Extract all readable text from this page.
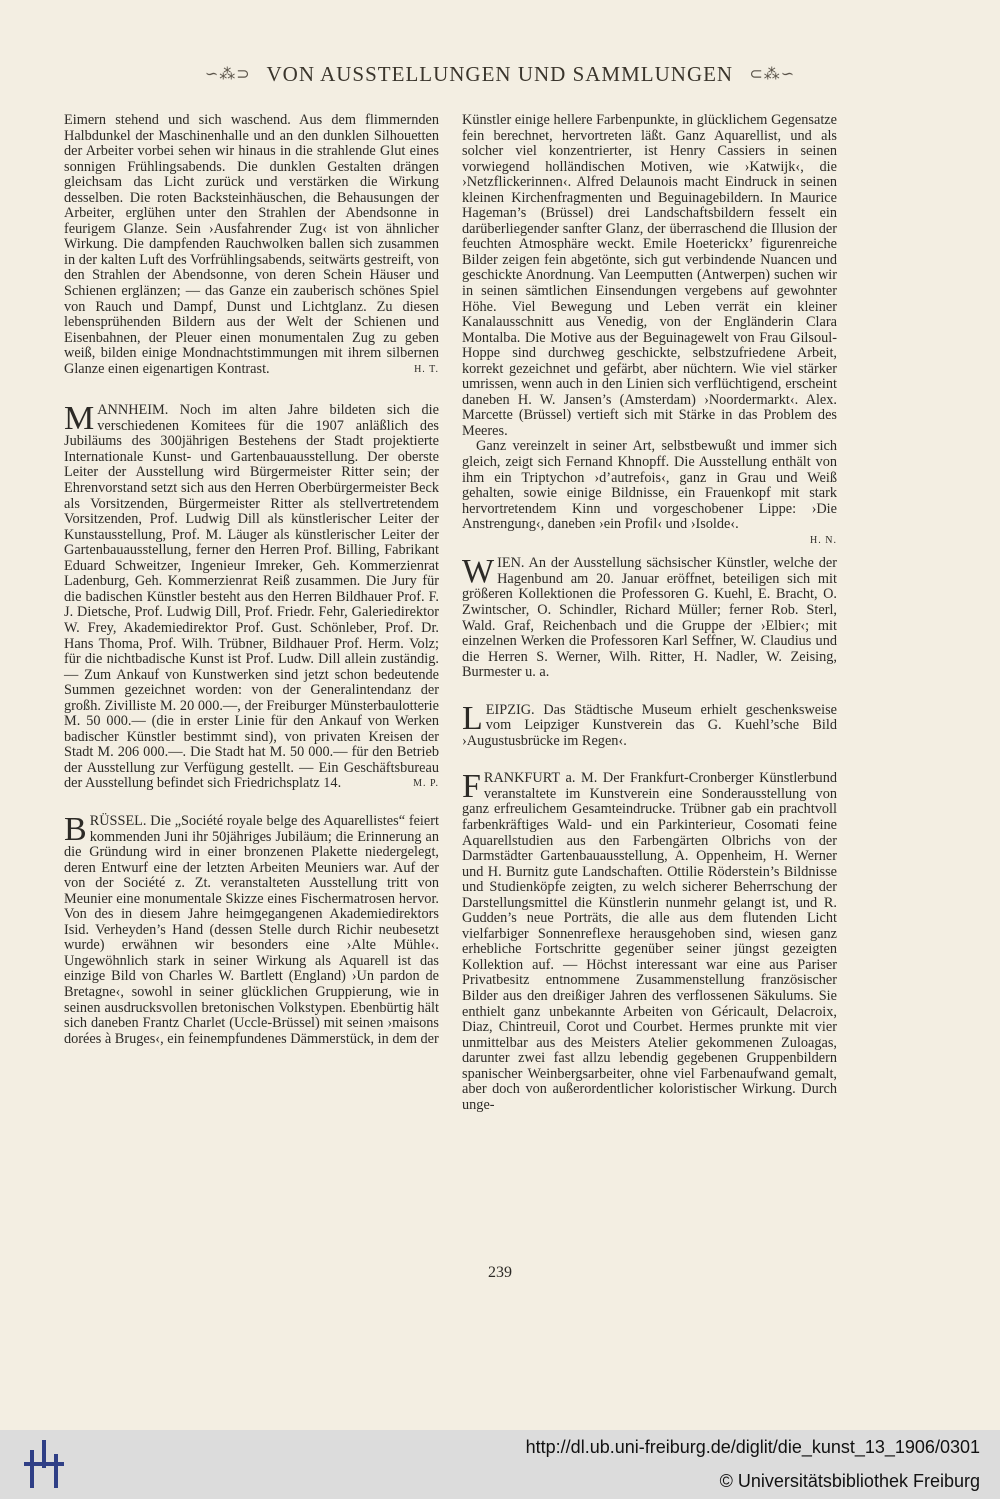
∽⁂⊃ VON AUSSTELLUNGEN UND SAMMLUNGEN ⊂⁂∽

Eimern stehend und sich waschend. Aus dem flimmernden Halbdunkel der Maschinenhalle und an den dunklen Silhouetten der Arbeiter vorbei sehen wir hinaus in die strahlende Glut eines sonnigen Frühlingsabends. Die dunklen Gestalten drängen gleichsam das Licht zurück und verstärken die Wirkung desselben. Die roten Backsteinhäuschen, die Behausungen der Arbeiter, erglühen unter den Strahlen der Abendsonne in feurigem Glanze. Sein ›Ausfahrender Zug‹ ist von ähnlicher Wirkung. Die dampfenden Rauchwolken ballen sich zusammen in der kalten Luft des Vorfrühlingsabends, seitwärts gestreift, von den Strahlen der Abendsonne, von deren Schein Häuser und Schienen erglänzen; — das Ganze ein zauberisch schönes Spiel von Rauch und Dampf, Dunst und Lichtglanz. Zu diesen lebensprühenden Bildern aus der Welt der Schienen und Eisenbahnen, der Pleuer einen monumentalen Zug zu geben weiß, bilden einige Mondnachtstimmungen mit ihrem silbernen Glanze einen eigenartigen Kontrast.	H. T.

MANNHEIM. Noch im alten Jahre bildeten sich die verschiedenen Komitees für die 1907 anläßlich des Jubiläums des 300jährigen Bestehens der Stadt projektierte Internationale Kunst- und Gartenbauausstellung. Der oberste Leiter der Ausstellung wird Bürgermeister Ritter sein; der Ehrenvorstand setzt sich aus den Herren Oberbürgermeister Beck als Vorsitzenden, Bürgermeister Ritter als stellvertretendem Vorsitzenden, Prof. Ludwig Dill als künstlerischer Leiter der Kunstausstellung, Prof. M. Läuger als künstlerischer Leiter der Gartenbauausstellung, ferner den Herren Prof. Billing, Fabrikant Eduard Schweitzer, Ingenieur Imreker, Geh. Kommerzienrat Ladenburg, Geh. Kommerzienrat Reiß zusammen. Die Jury für die badischen Künstler besteht aus den Herren Bildhauer Prof. F. J. Dietsche, Prof. Ludwig Dill, Prof. Friedr. Fehr, Galeriedirektor W. Frey, Akademiedirektor Prof. Gust. Schönleber, Prof. Dr. Hans Thoma, Prof. Wilh. Trübner, Bildhauer Prof. Herm. Volz; für die nichtbadische Kunst ist Prof. Ludw. Dill allein zuständig. — Zum Ankauf von Kunstwerken sind jetzt schon bedeutende Summen gezeichnet worden: von der Generalintendanz der großh. Zivilliste M. 20 000.—, der Freiburger Münsterbaulotterie M. 50 000.— (die in erster Linie für den Ankauf von Werken badischer Künstler bestimmt sind), von privaten Kreisen der Stadt M. 206 000.—. Die Stadt hat M. 50 000.— für den Betrieb der Ausstellung zur Verfügung gestellt. — Ein Geschäftsbureau der Ausstellung befindet sich Friedrichsplatz 14.	M. P.

BRÜSSEL. Die „Société royale belge des Aquarellistes“ feiert kommenden Juni ihr 50jähriges Jubiläum; die Erinnerung an die Gründung wird in einer bronzenen Plakette niedergelegt, deren Entwurf eine der letzten Arbeiten Meuniers war. Auf der von der Société z. Zt. veranstalteten Ausstellung tritt von Meunier eine monumentale Skizze eines Fischermatrosen hervor. Von des in diesem Jahre heimgegangenen Akademiedirektors Isid. Verheyden’s Hand (dessen Stelle durch Richir neubesetzt wurde) erwähnen wir besonders eine ›Alte Mühle‹. Ungewöhnlich stark in seiner Wirkung als Aquarell ist das einzige Bild von Charles W. Bartlett (England) ›Un pardon de Bretagne‹, sowohl in seiner glücklichen Gruppierung, wie in seinen ausdrucksvollen bretonischen Volkstypen. Ebenbürtig hält sich daneben Frantz Charlet (Uccle-Brüssel) mit seinen ›maisons dorées à Bruges‹, ein feinempfundenes Dämmerstück, in dem der

Künstler einige hellere Farbenpunkte, in glücklichem Gegensatze fein berechnet, hervortreten läßt. Ganz Aquarellist, und als solcher viel konzentrierter, ist Henry Cassiers in seinen vorwiegend holländischen Motiven, wie ›Katwijk‹, die ›Netzflickerinnen‹. Alfred Delaunois macht Eindruck in seinen kleinen Kirchenfragmenten und Beguinagebildern. In Maurice Hageman’s (Brüssel) drei Landschaftsbildern fesselt ein darüberliegender sanfter Glanz, der überraschend die Illusion der feuchten Atmosphäre weckt. Emile Hoeterickx’ figurenreiche Bilder zeigen fein abgetönte, sich gut verbindende Nuancen und geschickte Anordnung. Van Leemputten (Antwerpen) suchen wir in seinen sämtlichen Einsendungen vergebens auf gewohnter Höhe. Viel Bewegung und Leben verrät ein kleiner Kanalausschnitt aus Venedig, von der Engländerin Clara Montalba. Die Motive aus der Beguinagewelt von Frau Gilsoul-Hoppe sind durchweg geschickte, selbstzufriedene Arbeit, korrekt gezeichnet und gefärbt, aber nüchtern. Wie viel stärker umrissen, wenn auch in den Linien sich verflüchtigend, erscheint daneben H. W. Jansen’s (Amsterdam) ›Noordermarkt‹. Alex. Marcette (Brüssel) vertieft sich mit Stärke in das Problem des Meeres.

Ganz vereinzelt in seiner Art, selbstbewußt und immer sich gleich, zeigt sich Fernand Khnopff. Die Ausstellung enthält von ihm ein Triptychon ›d’autrefois‹, ganz in Grau und Weiß gehalten, sowie einige Bildnisse, ein Frauenkopf mit stark hervortretendem Kinn und vorgeschobener Lippe: ›Die Anstrengung‹, daneben ›ein Profil‹ und ›Isolde‹.

H. N.

WIEN. An der Ausstellung sächsischer Künstler, welche der Hagenbund am 20. Januar eröffnet, beteiligen sich mit größeren Kollektionen die Professoren G. Kuehl, E. Bracht, O. Zwintscher, O. Schindler, Richard Müller; ferner Rob. Sterl, Wald. Graf, Reichenbach und die Gruppe der ›Elbier‹; mit einzelnen Werken die Professoren Karl Seffner, W. Claudius und die Herren S. Werner, Wilh. Ritter, H. Nadler, W. Zeising, Burmester u. a.

LEIPZIG. Das Städtische Museum erhielt geschenksweise vom Leipziger Kunstverein das G. Kuehl’sche Bild ›Augustusbrücke im Regen‹.

FRANKFURT a. M. Der Frankfurt-Cronberger Künstlerbund veranstaltete im Kunstverein eine Sonderausstellung von ganz erfreulichem Gesamteindrucke. Trübner gab ein prachtvoll farbenkräftiges Wald- und ein Parkinterieur, Cosomati feine Aquarellstudien aus den Farbengärten Olbrichs von der Darmstädter Gartenbauausstellung, A. Oppenheim, H. Werner und H. Burnitz gute Landschaften. Ottilie Röderstein’s Bildnisse und Studienköpfe zeigten, zu welch sicherer Beherrschung der Darstellungsmittel die Künstlerin nunmehr gelangt ist, und R. Gudden’s neue Porträts, die alle aus dem flutenden Licht vielfarbiger Sonnenreflexe herausgehoben sind, wiesen ganz erhebliche Fortschritte gegenüber seiner jüngst gezeigten Kollektion auf. — Höchst interessant war eine aus Pariser Privatbesitz entnommene Zusammenstellung französischer Bilder aus den dreißiger Jahren des verflossenen Säkulums. Sie enthielt ganz unbekannte Arbeiten von Géricault, Delacroix, Diaz, Chintreuil, Corot und Courbet. Hermes prunkte mit vier unmittelbar aus des Meisters Atelier gekommenen Zuloagas, darunter zwei fast allzu lebendig gegebenen Gruppenbildern spanischer Weinbergsarbeiter, ohne viel Farbenaufwand gemalt, aber doch von außerordentlicher koloristischer Wirkung. Durch unge-

239
http://dl.ub.uni-freiburg.de/diglit/die_kunst_13_1906/0301
© Universitätsbibliothek Freiburg
